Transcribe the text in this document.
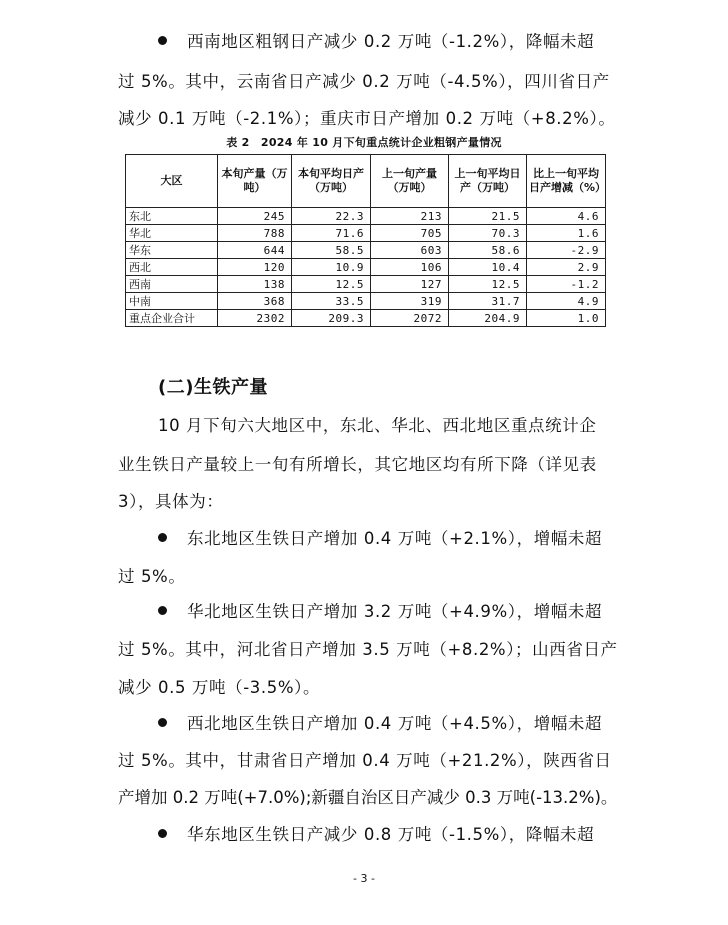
西南地区粗钢日产减少 0.2 万吨（-1.2%），降幅未超
过 5%。其中，云南省日产减少 0.2 万吨（-4.5%），四川省日产
减少 0.1 万吨（-2.1%）；重庆市日产增加 0.2 万吨（+8.2%）。
表 2　2024 年 10 月下旬重点统计企业粗钢产量情况
大区	本旬产量（万吨）	本旬平均日产（万吨）	上一旬产量（万吨）	上一旬平均日产（万吨）	比上一旬平均日产增减（%）
东北	245	22.3	213	21.5	4.6
华北	788	71.6	705	70.3	1.6
华东	644	58.5	603	58.6	-2.9
西北	120	10.9	106	10.4	2.9
西南	138	12.5	127	12.5	-1.2
中南	368	33.5	319	31.7	4.9
重点企业合计	2302	209.3	2072	204.9	1.0
(二)生铁产量
10 月下旬六大地区中，东北、华北、西北地区重点统计企
业生铁日产量较上一旬有所增长，其它地区均有所下降（详见表
3），具体为：
东北地区生铁日产增加 0.4 万吨（+2.1%），增幅未超
过 5%。
华北地区生铁日产增加 3.2 万吨（+4.9%），增幅未超
过 5%。其中，河北省日产增加 3.5 万吨（+8.2%）；山西省日产
减少 0.5 万吨（-3.5%）。
西北地区生铁日产增加 0.4 万吨（+4.5%），增幅未超
过 5%。其中，甘肃省日产增加 0.4 万吨（+21.2%），陕西省日
产增加 0.2 万吨(+7.0%);新疆自治区日产减少 0.3 万吨(-13.2%)。
华东地区生铁日产减少 0.8 万吨（-1.5%），降幅未超
- 3 -
